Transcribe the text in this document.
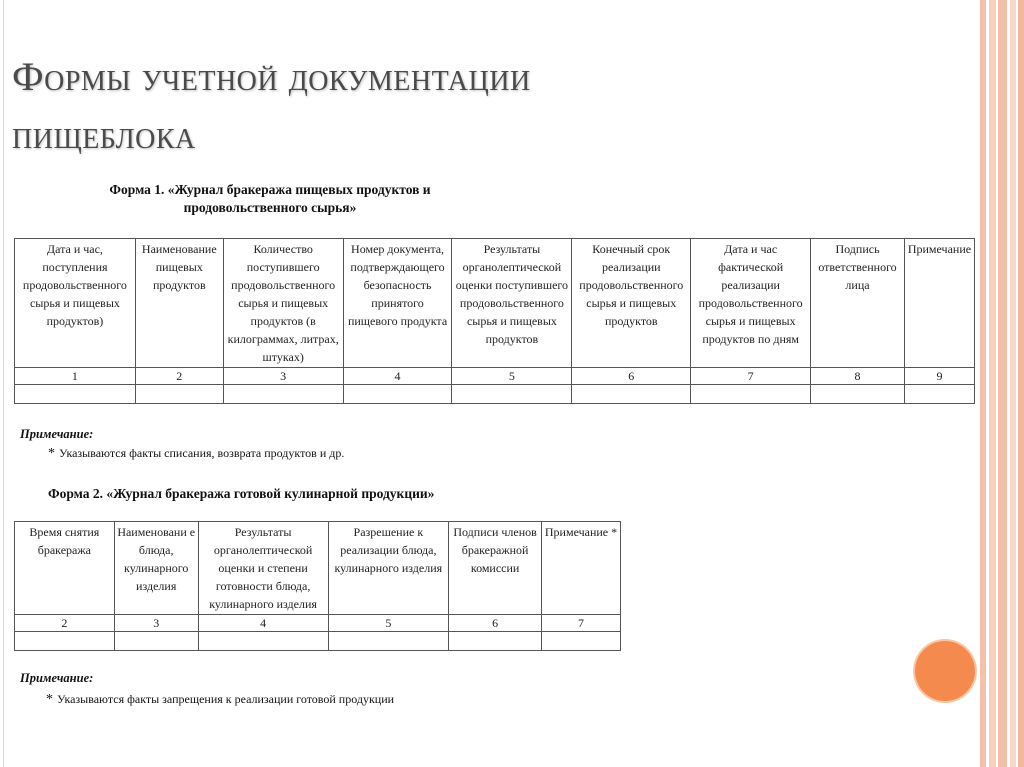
Формы учетной документации
пищеблока
Форма 1. «Журнал бракеража пищевых продуктов и
продовольственного сырья»
Дата и час, поступления продовольственного сырья и пищевых продуктов)	Наименование пищевых продуктов	Количество поступившего продовольственного сырья и пищевых продуктов (в килограммах, литрах, штуках)	Номер документа, подтверждающего безопасность принятого пищевого продукта	Результаты органолептической оценки поступившего продовольственного сырья и пищевых продуктов	Конечный срок реализации продовольственного сырья и пищевых продуктов	Дата и час фактической реализации продовольственного сырья и пищевых продуктов по дням	Подпись ответственного лица	Примечание
1	2	3	4	5	6	7	8	9

Примечание:
* Указываются факты списания, возврата продуктов и др.
Форма 2. «Журнал бракеража готовой кулинарной продукции»
Время снятия бракеража	Наименовани е блюда, кулинарного изделия	Результаты органолептической оценки и степени готовности блюда, кулинарного изделия	Разрешение к реализации блюда, кулинарного изделия	Подписи членов бракеражной комиссии	Примечание *
2	3	4	5	6	7

Примечание:
* Указываются факты запрещения к реализации готовой продукции
